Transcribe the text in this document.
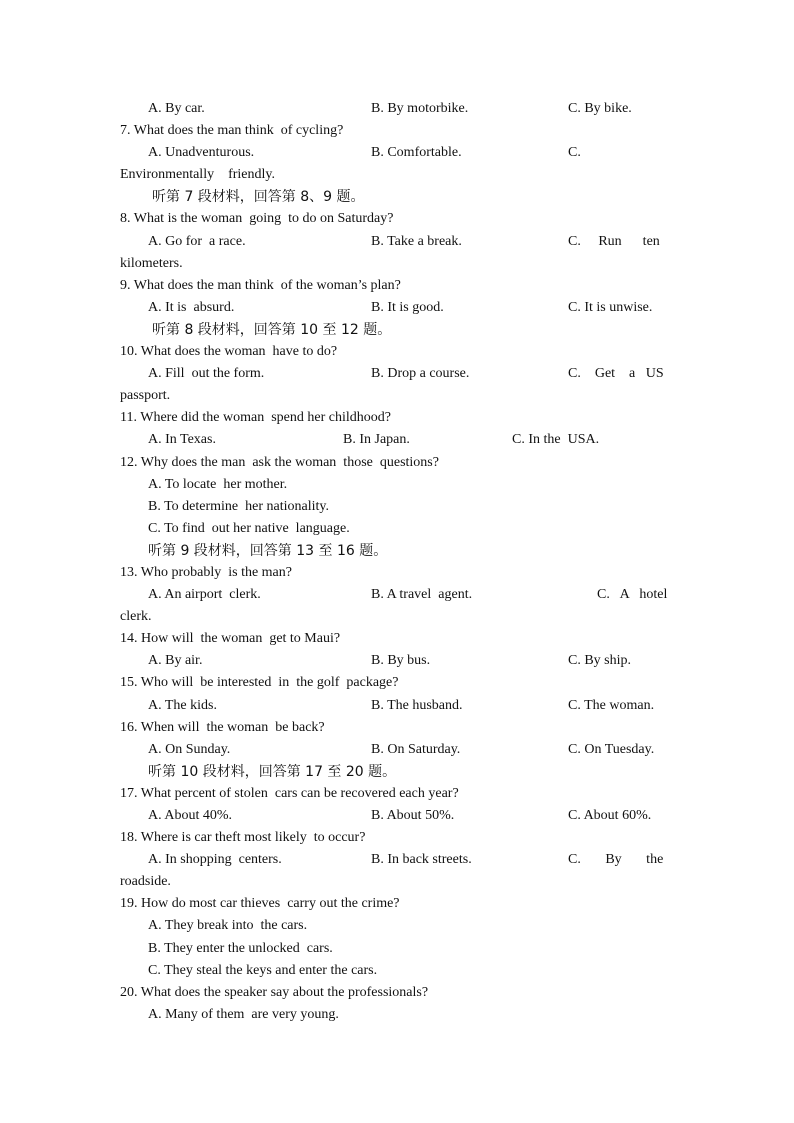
A. By car.	B. By motorbike.	C. By bike.
7. What does the man think  of cycling?
A. Unadventurous.	B. Comfortable.	C.
Environmentally    friendly.
听第 7 段材料，回答第 8、9 题。
8. What is the woman  going  to do on Saturday?
A. Go for  a race.	B. Take a break.	C.     Run      ten
kilometers.
9. What does the man think  of the woman’s plan?
A. It is  absurd.	B. It is good.	C. It is unwise.
听第 8 段材料，回答第 10 至 12 题。
10. What does the woman  have to do?
A. Fill  out the form.	B. Drop a course.	C.    Get    a   US
passport.
11. Where did the woman  spend her childhood?
A. In Texas.	B. In Japan.	C. In the  USA.
12. Why does the man  ask the woman  those  questions?
A. To locate  her mother.
B. To determine  her nationality.
C. To find  out her native  language.
听第 9 段材料，回答第 13 至 16 题。
13. Who probably  is the man?
A. An airport  clerk.	B. A travel  agent.	C.   A   hotel
clerk.
14. How will  the woman  get to Maui?
A. By air.	B. By bus.	C. By ship.
15. Who will  be interested  in  the golf  package?
A. The kids.	B. The husband.	C. The woman.
16. When will  the woman  be back?
A. On Sunday.	B. On Saturday.	C. On Tuesday.
听第 10 段材料，回答第 17 至 20 题。
17. What percent of stolen  cars can be recovered each year?
A. About 40%.	B. About 50%.	C. About 60%.
18. Where is car theft most likely  to occur?
A. In shopping  centers.	B. In back streets.	C.       By       the
roadside.
19. How do most car thieves  carry out the crime?
A. They break into  the cars.
B. They enter the unlocked  cars.
C. They steal the keys and enter the cars.
20. What does the speaker say about the professionals?
A. Many of them  are very young.
